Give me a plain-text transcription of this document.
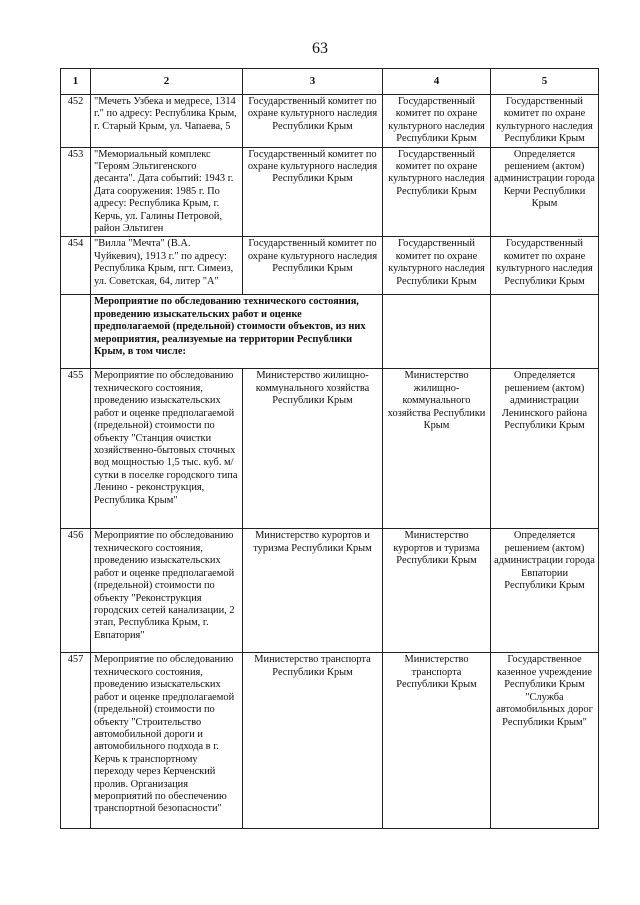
63
1	2	3	4	5
452	"Мечеть Узбека и медресе, 1314 г." по адресу: Республика Крым, г. Старый Крым, ул. Чапаева, 5	Государственный комитет по охране культурного наследия Республики Крым	Государственный комитет по охране культурного наследия Республики Крым	Государственный комитет по охране культурного наследия Республики Крым
453	"Мемориальный комплекс "Героям Эльтигенского десанта". Дата событий: 1943 г. Дата сооружения: 1985 г. По адресу: Республика Крым, г. Керчь, ул. Галины Петровой, район Эльтиген	Государственный комитет по охране культурного наследия Республики Крым	Государственный комитет по охране культурного наследия Республики Крым	Определяется решением (актом) администрации города Керчи Республики Крым
454	"Вилла "Мечта" (В.А. Чуйкевич), 1913 г." по адресу: Республика Крым, пгт. Симеиз, ул. Советская, 64, литер "А"	Государственный комитет по охране культурного наследия Республики Крым	Государственный комитет по охране культурного наследия Республики Крым	Государственный комитет по охране культурного наследия Республики Крым
	Мероприятие по обследованию технического состояния, проведению изыскательских работ и оценке предполагаемой (предельной) стоимости объектов, из них мероприятия, реализуемые на территории Республики Крым, в том числе:			
455	Мероприятие по обследованию технического состояния, проведению изыскательских работ и оценке предполагаемой (предельной) стоимости по объекту "Станция очистки хозяйственно-бытовых сточных вод мощностью 1,5 тыс. куб. м/сутки в поселке городского типа Ленино - реконструкция, Республика Крым"	Министерство жилищно-коммунального хозяйства Республики Крым	Министерство жилищно-коммунального хозяйства Республики Крым	Определяется решением (актом) администрации Ленинского района Республики Крым
456	Мероприятие по обследованию технического состояния, проведению изыскательских работ и оценке предполагаемой (предельной) стоимости по объекту "Реконструкция городских сетей канализации, 2 этап, Республика Крым, г. Евпатория"	Министерство курортов и туризма Республики Крым	Министерство курортов и туризма Республики Крым	Определяется решением (актом) администрации города Евпатории Республики Крым
457	Мероприятие по обследованию технического состояния, проведению изыскательских работ и оценке предполагаемой (предельной) стоимости по объекту "Строительство автомобильной дороги и автомобильного подхода в г. Керчь к транспортному переходу через Керченский пролив. Организация мероприятий по обеспечению транспортной безопасности"	Министерство транспорта Республики Крым	Министерство транспорта Республики Крым	Государственное казенное учреждение Республики Крым "Служба автомобильных дорог Республики Крым"
